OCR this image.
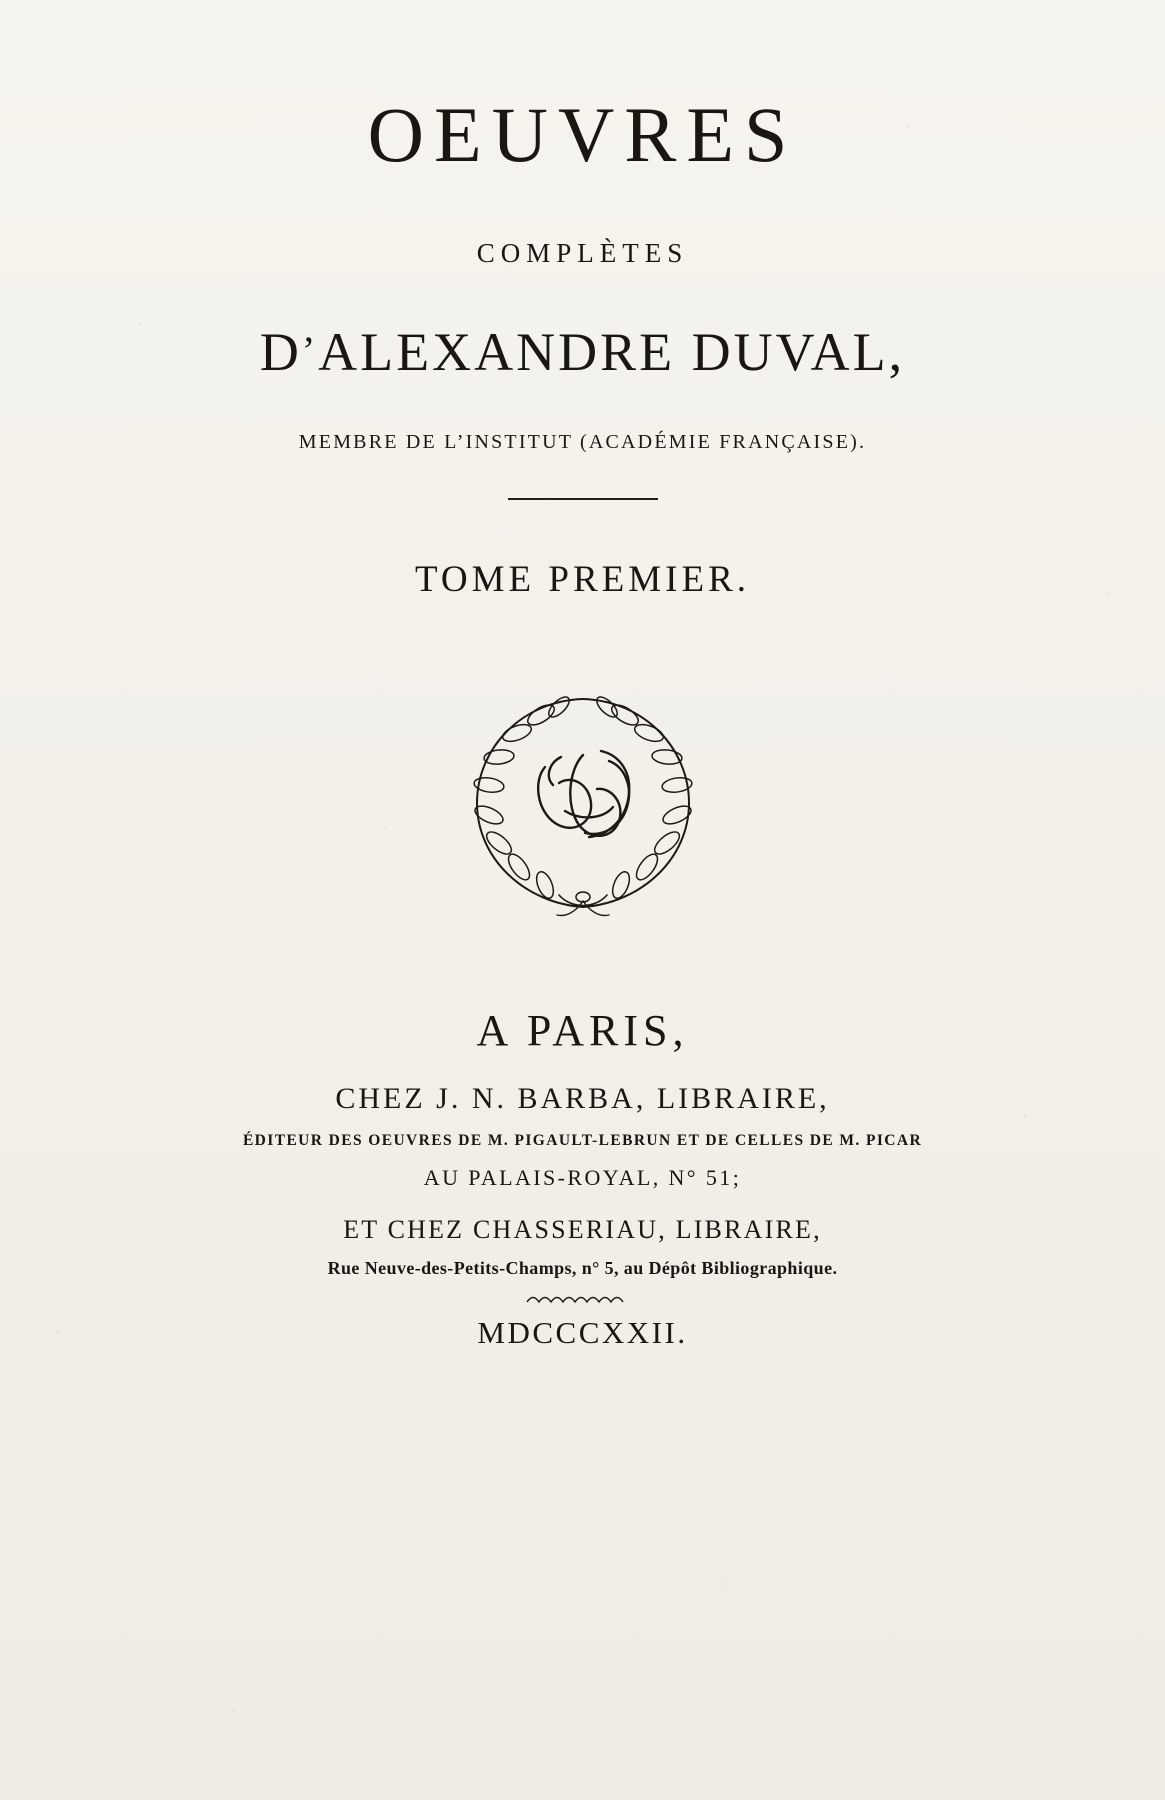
OEUVRES
COMPLÈTES
D’ALEXANDRE DUVAL,
MEMBRE DE L’INSTITUT (ACADÉMIE FRANÇAISE).
TOME PREMIER.
A PARIS,
CHEZ J. N. BARBA, LIBRAIRE,
ÉDITEUR DES OEUVRES DE M. PIGAULT-LEBRUN ET DE CELLES DE M. PICAR
AU PALAIS-ROYAL, N° 51;
ET CHEZ CHASSERIAU, LIBRAIRE,
Rue Neuve-des-Petits-Champs, n° 5, au Dépôt Bibliographique.
MDCCCXXII.
